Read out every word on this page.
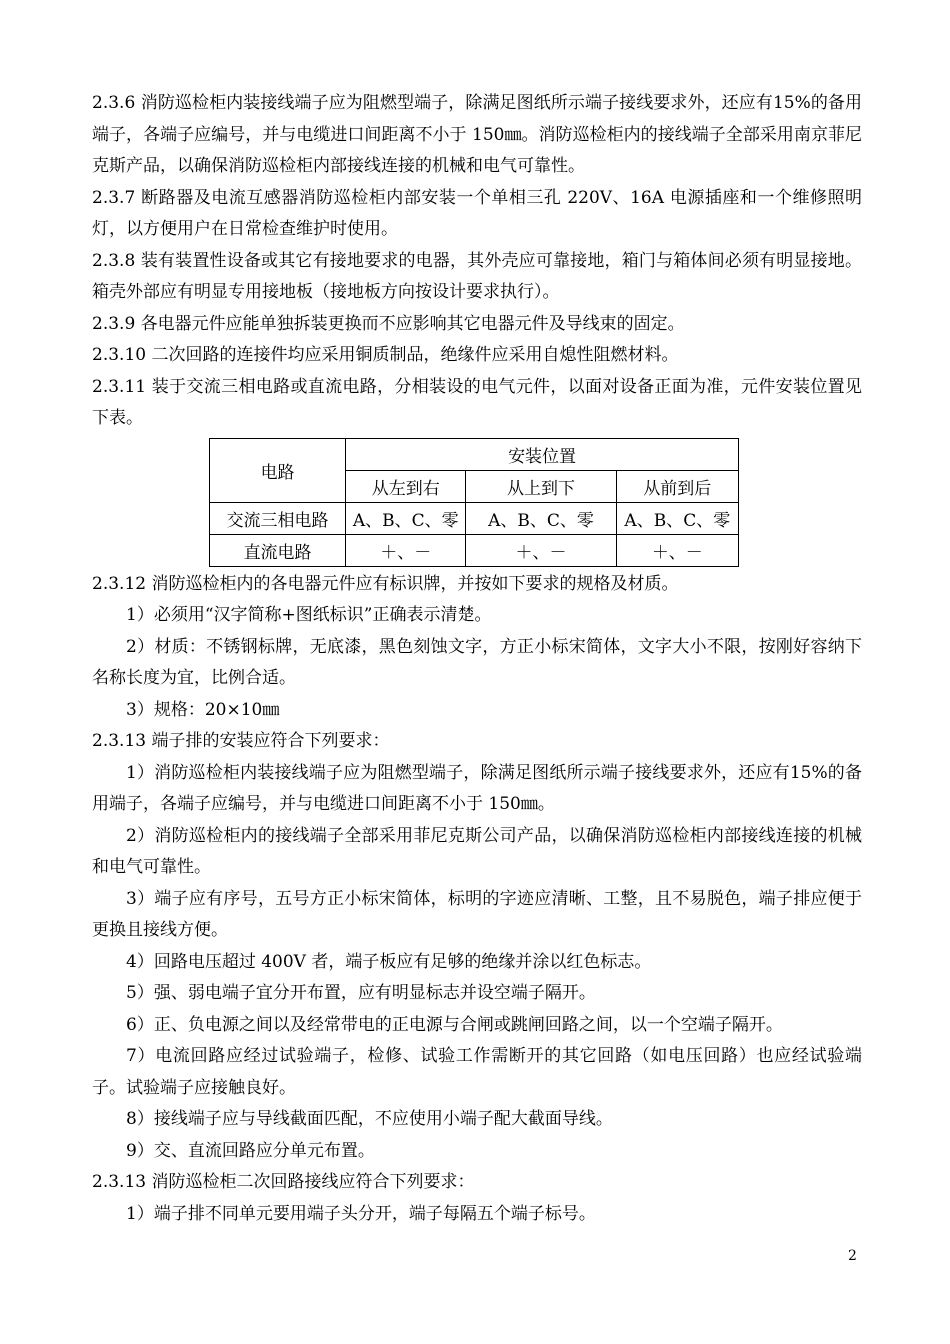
2.3.6 消防巡检柜内装接线端子应为阻燃型端子，除满足图纸所示端子接线要求外，还应有15%的备用端子，各端子应编号，并与电缆进口间距离不小于 150㎜。消防巡检柜内的接线端子全部采用南京菲尼克斯产品，以确保消防巡检柜内部接线连接的机械和电气可靠性。

2.3.7 断路器及电流互感器消防巡检柜内部安装一个单相三孔 220V、16A 电源插座和一个维修照明灯，以方便用户在日常检查维护时使用。

2.3.8 装有装置性设备或其它有接地要求的电器，其外壳应可靠接地，箱门与箱体间必须有明显接地。箱壳外部应有明显专用接地板（接地板方向按设计要求执行）。

2.3.9 各电器元件应能单独拆装更换而不应影响其它电器元件及导线束的固定。

2.3.10 二次回路的连接件均应采用铜质制品，绝缘件应采用自熄性阻燃材料。

2.3.11 装于交流三相电路或直流电路，分相装设的电气元件，以面对设备正面为准，元件安装位置见下表。

电路	安装位置		
	从左到右	从上到下	从前到后
交流三相电路	A、B、C、零	A、B、C、零	A、B、C、零
直流电路	＋、－	＋、－	＋、－

2.3.12 消防巡检柜内的各电器元件应有标识牌，并按如下要求的规格及材质。

1）必须用“汉字简称+图纸标识”正确表示清楚。

2）材质：不锈钢标牌，无底漆，黑色刻蚀文字，方正小标宋简体，文字大小不限，按刚好容纳下名称长度为宜，比例合适。

3）规格：20×10㎜

2.3.13 端子排的安装应符合下列要求：

1）消防巡检柜内装接线端子应为阻燃型端子，除满足图纸所示端子接线要求外，还应有15%的备用端子，各端子应编号，并与电缆进口间距离不小于 150㎜。

2）消防巡检柜内的接线端子全部采用菲尼克斯公司产品，以确保消防巡检柜内部接线连接的机械和电气可靠性。

3）端子应有序号，五号方正小标宋简体，标明的字迹应清晰、工整，且不易脱色，端子排应便于更换且接线方便。

4）回路电压超过 400V 者，端子板应有足够的绝缘并涂以红色标志。

5）强、弱电端子宜分开布置，应有明显标志并设空端子隔开。

6）正、负电源之间以及经常带电的正电源与合闸或跳闸回路之间，以一个空端子隔开。

7）电流回路应经过试验端子，检修、试验工作需断开的其它回路（如电压回路）也应经试验端子。试验端子应接触良好。

8）接线端子应与导线截面匹配，不应使用小端子配大截面导线。

9）交、直流回路应分单元布置。

2.3.13 消防巡检柜二次回路接线应符合下列要求：

1）端子排不同单元要用端子头分开，端子每隔五个端子标号。

2
